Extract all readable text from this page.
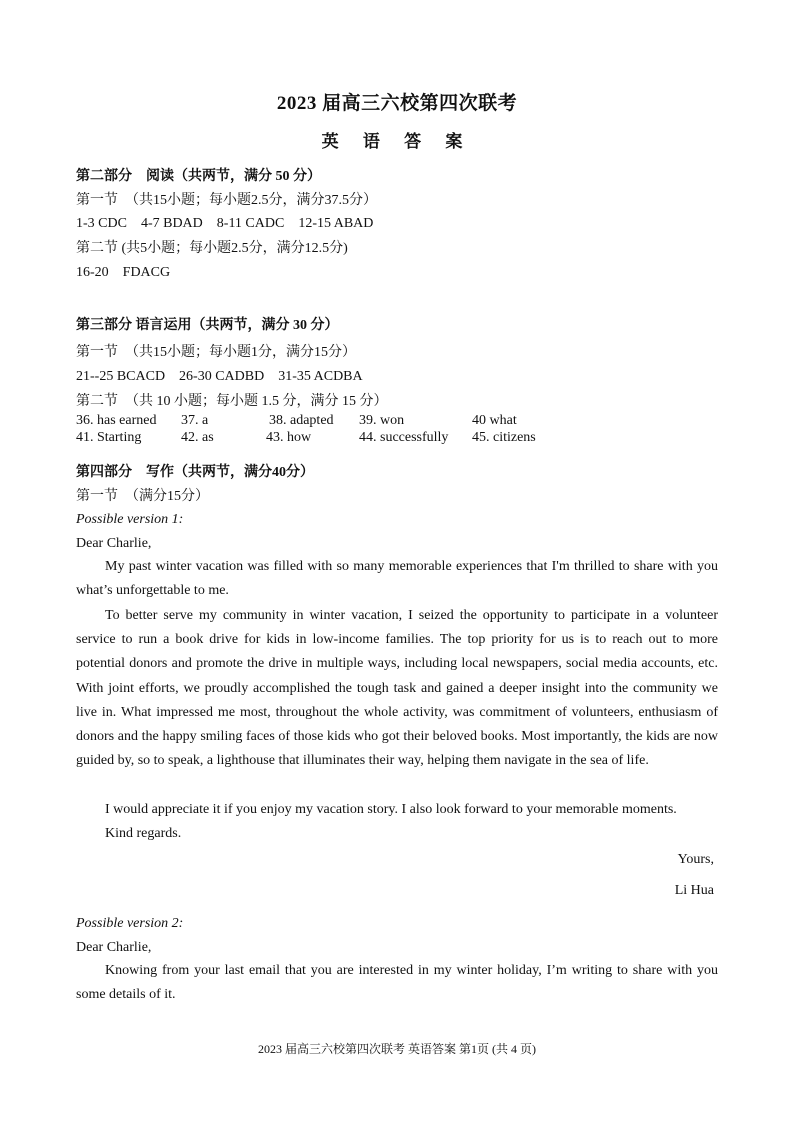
2023 届高三六校第四次联考
英 语 答 案
第二部分　阅读（共两节，满分 50 分）
第一节　（共15小题；每小题2.5分，满分37.5分）
1-3 CDC　4-7 BDAD　8-11 CADC　12-15 ABAD
第二节 (共5小题；每小题2.5分，满分12.5分)
16-20　FDACG
第三部分 语言运用（共两节，满分 30 分）
第一节　（共15小题；每小题1分，满分15分）
21--25 BCACD　26-30 CADBD　31-35 ACDBA
第二节　（共 10 小题；每小题 1.5 分，满分 15 分）
36. has earned 37. a	38. adapted 39. won	40 what
41. Starting	42. as	43. how	44. successfully 45. citizens
第四部分　写作（共两节，满分40分）
第一节　（满分15分）
Possible version 1:
Dear Charlie,

My past winter vacation was filled with so many memorable experiences that I'm thrilled to share with you what’s unforgettable to me.

To better serve my community in winter vacation, I seized the opportunity to participate in a volunteer service to run a book drive for kids in low-income families. The top priority for us is to reach out to more potential donors and promote the drive in multiple ways, including local newspapers, social media accounts, etc. With joint efforts, we proudly accomplished the tough task and gained a deeper insight into the community we live in. What impressed me most, throughout the whole activity, was commitment of volunteers, enthusiasm of donors and the happy smiling faces of those kids who got their beloved books. Most importantly, the kids are now guided by, so to speak, a lighthouse that illuminates their way, helping them navigate in the sea of life.

I would appreciate it if you enjoy my vacation story. I also look forward to your memorable moments.

Kind regards.

Yours,
Li Hua
Possible version 2:
Dear Charlie,

Knowing from your last email that you are interested in my winter holiday, I’m writing to share with you some details of it.

2023 届高三六校第四次联考 英语答案 第1页 (共 4 页)
